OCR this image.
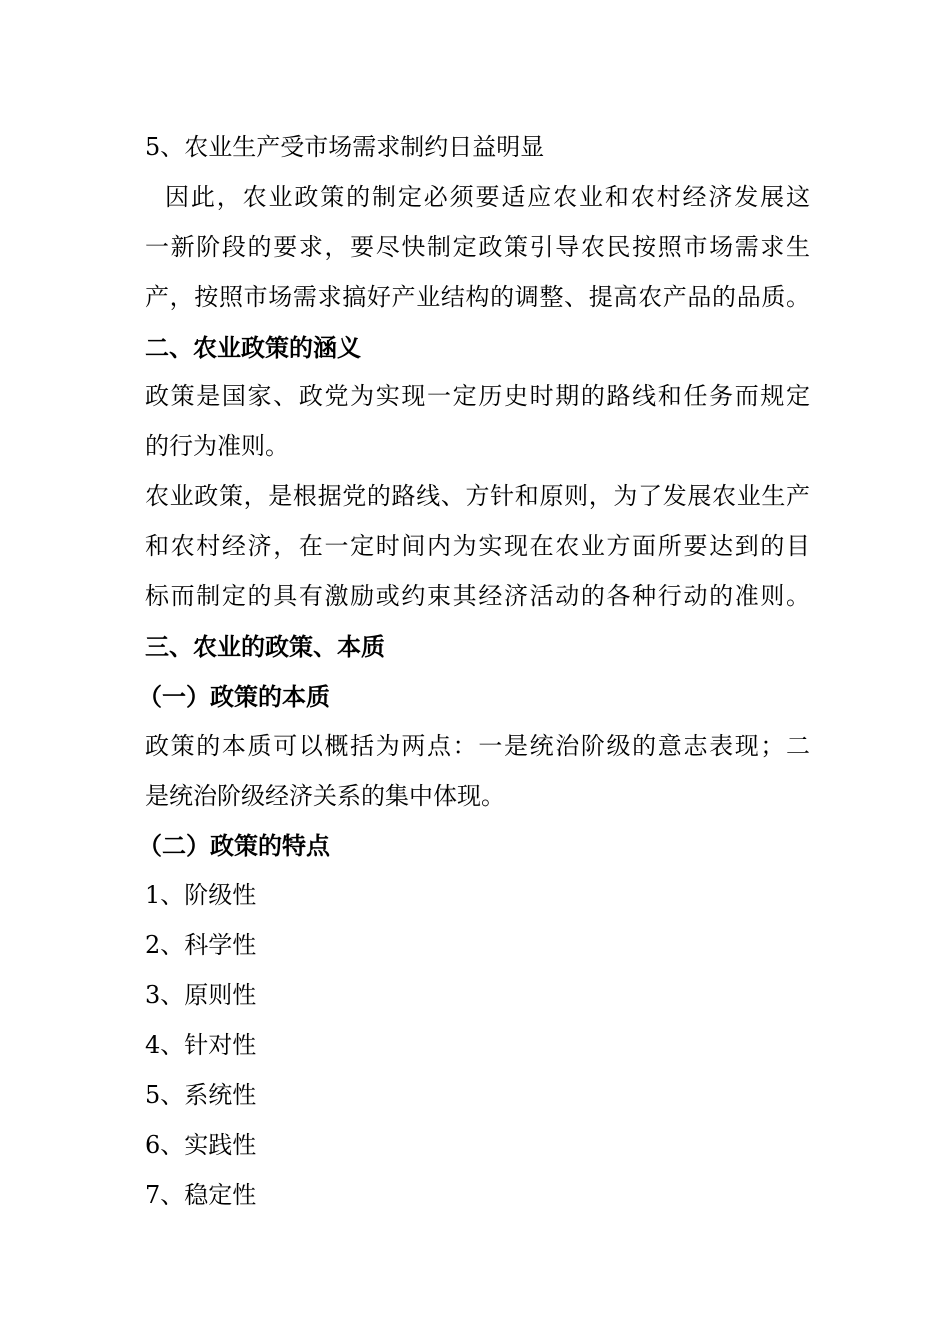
5、农业生产受市场需求制约日益明显
因此，农业政策的制定必须要适应农业和农村经济发展这
一新阶段的要求，要尽快制定政策引导农民按照市场需求生
产，按照市场需求搞好产业结构的调整、提高农产品的品质。
二、农业政策的涵义
政策是国家、政党为实现一定历史时期的路线和任务而规定
的行为准则。
农业政策，是根据党的路线、方针和原则，为了发展农业生产
和农村经济，在一定时间内为实现在农业方面所要达到的目
标而制定的具有激励或约束其经济活动的各种行动的准则。
三、农业的政策、本质
（一）政策的本质
政策的本质可以概括为两点：一是统治阶级的意志表现；二
是统治阶级经济关系的集中体现。
（二）政策的特点
1、阶级性
2、科学性
3、原则性
4、针对性
5、系统性
6、实践性
7、稳定性
